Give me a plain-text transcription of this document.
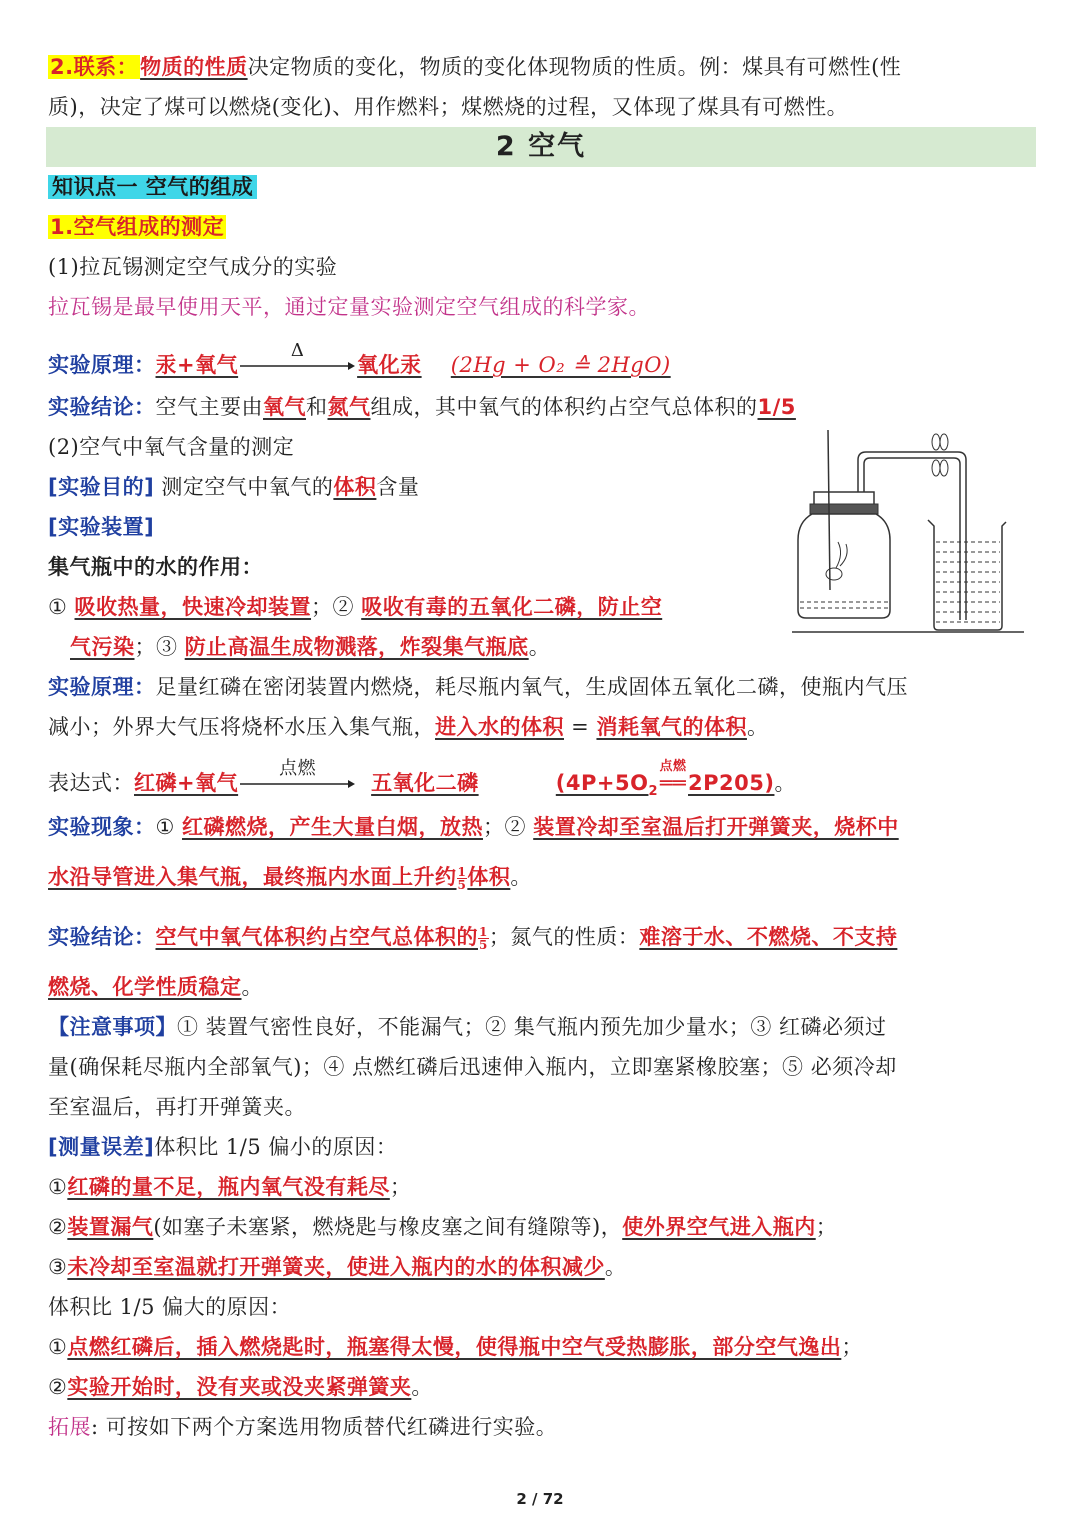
2.联系：物质的性质决定物质的变化，物质的变化体现物质的性质。例：煤具有可燃性(性
质)，决定了煤可以燃烧(变化)、用作燃料；煤燃烧的过程，又体现了煤具有可燃性。
2 空气
知识点一 空气的组成
1.空气组成的测定
(1)拉瓦锡测定空气成分的实验
拉瓦锡是最早使用天平，通过定量实验测定空气组成的科学家。
实验原理：汞+氧气
Δ
氧化汞 (2Hg + O₂ ≙ 2HgO)
实验结论：空气主要由氧气和氮气组成，其中氧气的体积约占空气总体积的1/5
(2)空气中氧气含量的测定
[实验目的] 测定空气中氧气的体积含量
[实验装置]
集气瓶中的水的作用：
① 吸收热量，快速冷却装置；② 吸收有毒的五氧化二磷，防止空
气污染；③ 防止高温生成物溅落，炸裂集气瓶底。
实验原理：足量红磷在密闭装置内燃烧，耗尽瓶内氧气，生成固体五氧化二磷，使瓶内气压
减小；外界大气压将烧杯水压入集气瓶，进入水的体积 = 消耗氧气的体积。
表达式：红磷+氧气
点燃
五氧化二磷	($4P+5O_2$
点燃
══2P205)。
实验现象：① 红磷燃烧，产生大量白烟，放热；② 装置冷却至室温后打开弹簧夹，烧杯中
水沿导管进入集气瓶，最终瓶内水面上升约 $\frac{1}{5}$ 体积。
实验结论：空气中氧气体积约占空气总体积的 $\frac{1}{5}$ ；氮气的性质：难溶于水、不燃烧、不支持
燃烧、化学性质稳定。
【注意事项】① 装置气密性良好，不能漏气；② 集气瓶内预先加少量水；③ 红磷必须过
量(确保耗尽瓶内全部氧气)；④ 点燃红磷后迅速伸入瓶内，立即塞紧橡胶塞；⑤ 必须冷却
至室温后，再打开弹簧夹。
[测量误差]体积比 1/5 偏小的原因：
①红磷的量不足，瓶内氧气没有耗尽；
②装置漏气(如塞子未塞紧，燃烧匙与橡皮塞之间有缝隙等)，使外界空气进入瓶内；
③未冷却至室温就打开弹簧夹，使进入瓶内的水的体积减少。
体积比 1/5 偏大的原因：
①点燃红磷后，插入燃烧匙时，瓶塞得太慢，使得瓶中空气受热膨胀，部分空气逸出；
②实验开始时，没有夹或没夹紧弹簧夹。
拓展: 可按如下两个方案选用物质替代红磷进行实验。
2 / 72
